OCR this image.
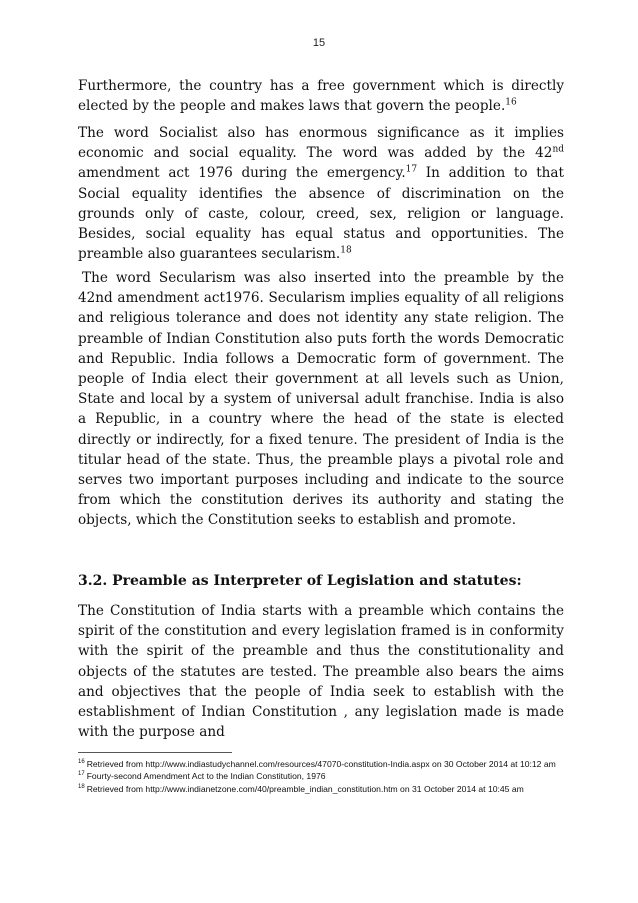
15

Furthermore, the country has a free government which is directly elected by the people and makes laws that govern the people.$^{16}$

The word Socialist also has enormous significance as it implies economic and social equality. The word was added by the 42nd amendment act 1976 during the emergency.$^{17}$ In addition to that Social equality identifies the absence of discrimination on the grounds only of caste, colour, creed, sex, religion or language. Besides, social equality has equal status and opportunities. The preamble also guarantees secularism.$^{18}$

The word Secularism was also inserted into the preamble by the 42nd amendment act1976. Secularism implies equality of all religions and religious tolerance and does not identity any state religion. The preamble of Indian Constitution also puts forth the words Democratic and Republic. India follows a Democratic form of government. The people of India elect their government at all levels such as Union, State and local by a system of universal adult franchise. India is also a Republic, in a country where the head of the state is elected directly or indirectly, for a fixed tenure. The president of India is the titular head of the state. Thus, the preamble plays a pivotal role and serves two important purposes including and indicate to the source from which the constitution derives its authority and stating the objects, which the Constitution seeks to establish and promote.

3.2. Preamble as Interpreter of Legislation and statutes:

The Constitution of India starts with a preamble which contains the spirit of the constitution and every legislation framed is in conformity with the spirit of the preamble and thus the constitutionality and objects of the statutes are tested. The preamble also bears the aims and objectives that the people of India seek to establish with the establishment of Indian Constitution , any legislation made is made with the purpose and

$^{16}$ Retrieved from http://www.indiastudychannel.com/resources/47070-constitution-India.aspx on 30 October 2014 at 10:12 am

$^{17}$ Fourty-second Amendment Act to the Indian Constitution, 1976

$^{18}$ Retrieved from http://www.indianetzone.com/40/preamble_indian_constitution.htm on 31 October 2014 at 10:45 am
